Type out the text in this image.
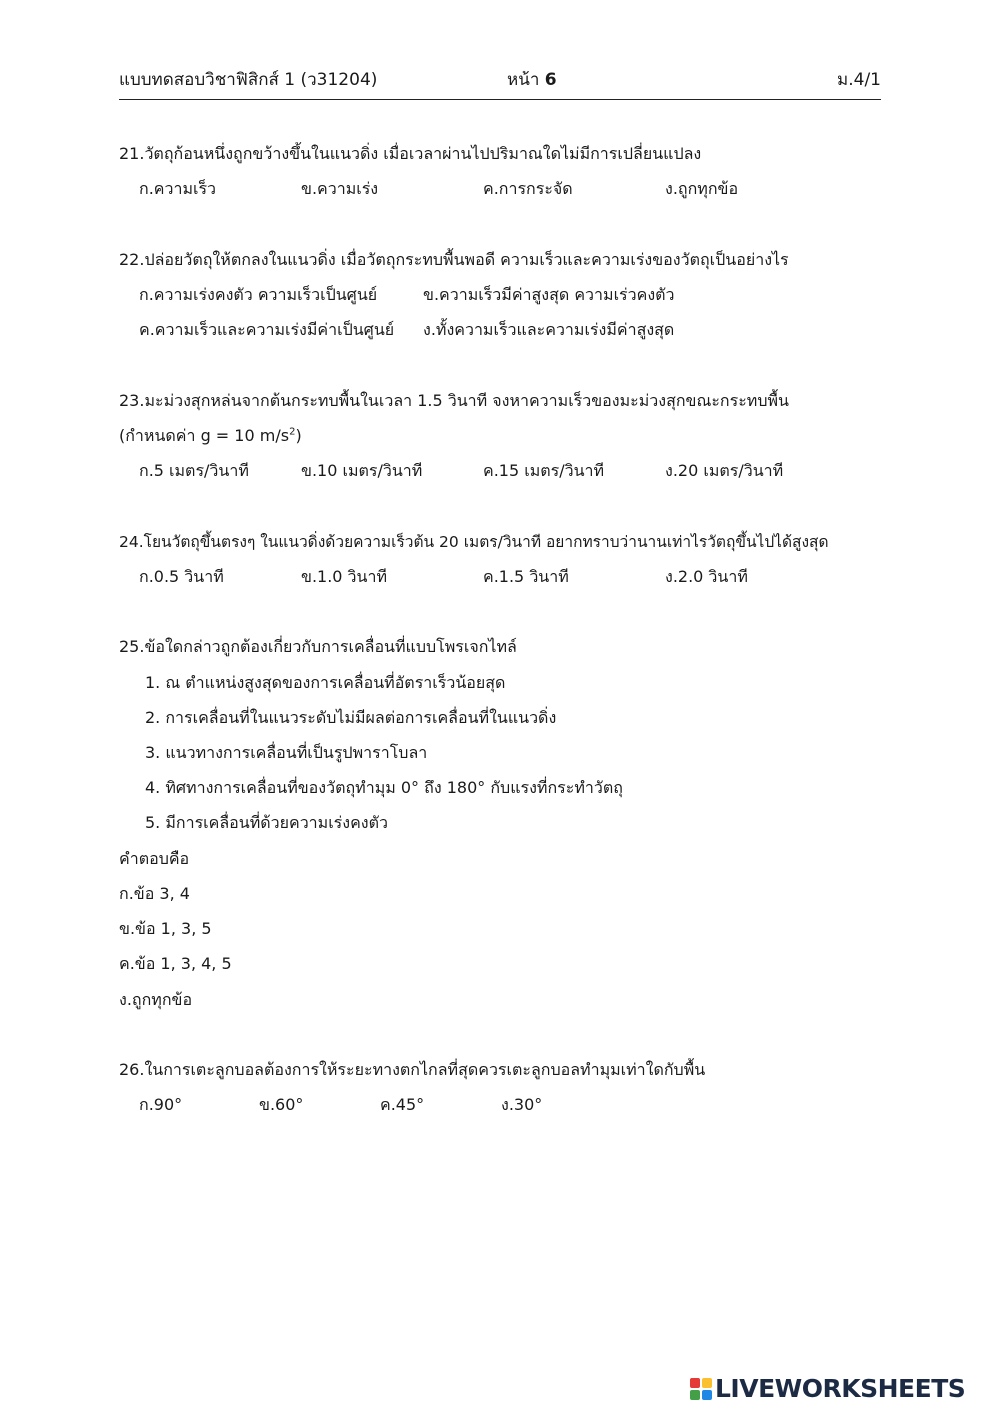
แบบทดสอบวิชาฟิสิกส์ 1 (ว31204)	หน้า 6	ม.4/1
21.วัตถุก้อนหนึ่งถูกขว้างขึ้นในแนวดิ่ง เมื่อเวลาผ่านไปปริมาณใดไม่มีการเปลี่ยนแปลง
ก.ความเร็ว	ข.ความเร่ง	ค.การกระจัด	ง.ถูกทุกข้อ
22.ปล่อยวัตถุให้ตกลงในแนวดิ่ง เมื่อวัตถุกระทบพื้นพอดี ความเร็วและความเร่งของวัตถุเป็นอย่างไร
ก.ความเร่งคงตัว ความเร็วเป็นศูนย์	ข.ความเร็วมีค่าสูงสุด ความเร่วคงตัว
ค.ความเร็วและความเร่งมีค่าเป็นศูนย์ ง.ทั้งความเร็วและความเร่งมีค่าสูงสุด
23.มะม่วงสุกหล่นจากต้นกระทบพื้นในเวลา 1.5 วินาที จงหาความเร็วของมะม่วงสุกขณะกระทบพื้น
(กำหนดค่า g = 10 $m/s^2$)
ก.5 เมตร/วินาที	ข.10 เมตร/วินาที	ค.15 เมตร/วินาที	ง.20 เมตร/วินาที
24.โยนวัตถุขึ้นตรงๆ ในแนวดิ่งด้วยความเร็วต้น 20 เมตร/วินาที อยากทราบว่านานเท่าไรวัตถุขึ้นไปได้สูงสุด
ก.0.5 วินาที	ข.1.0 วินาที	ค.1.5 วินาที	ง.2.0 วินาที
25.ข้อใดกล่าวถูกต้องเกี่ยวกับการเคลื่อนที่แบบโพรเจกไทล์
1. ณ ตำแหน่งสูงสุดของการเคลื่อนที่อัตราเร็วน้อยสุด
2. การเคลื่อนที่ในแนวระดับไม่มีผลต่อการเคลื่อนที่ในแนวดิ่ง
3. แนวทางการเคลื่อนที่เป็นรูปพาราโบลา
4. ทิศทางการเคลื่อนที่ของวัตถุทำมุม 0° ถึง 180° กับแรงที่กระทำวัตถุ
5. มีการเคลื่อนที่ด้วยความเร่งคงตัว
คำตอบคือ
ก.ข้อ 3, 4
ข.ข้อ 1, 3, 5
ค.ข้อ 1, 3, 4, 5
ง.ถูกทุกข้อ
26.ในการเตะลูกบอลต้องการให้ระยะทางตกไกลที่สุดควรเตะลูกบอลทำมุมเท่าใดกับพื้น
ก.90°	ข.60°	ค.45°	ง.30°
LIVEWORKSHEETS
